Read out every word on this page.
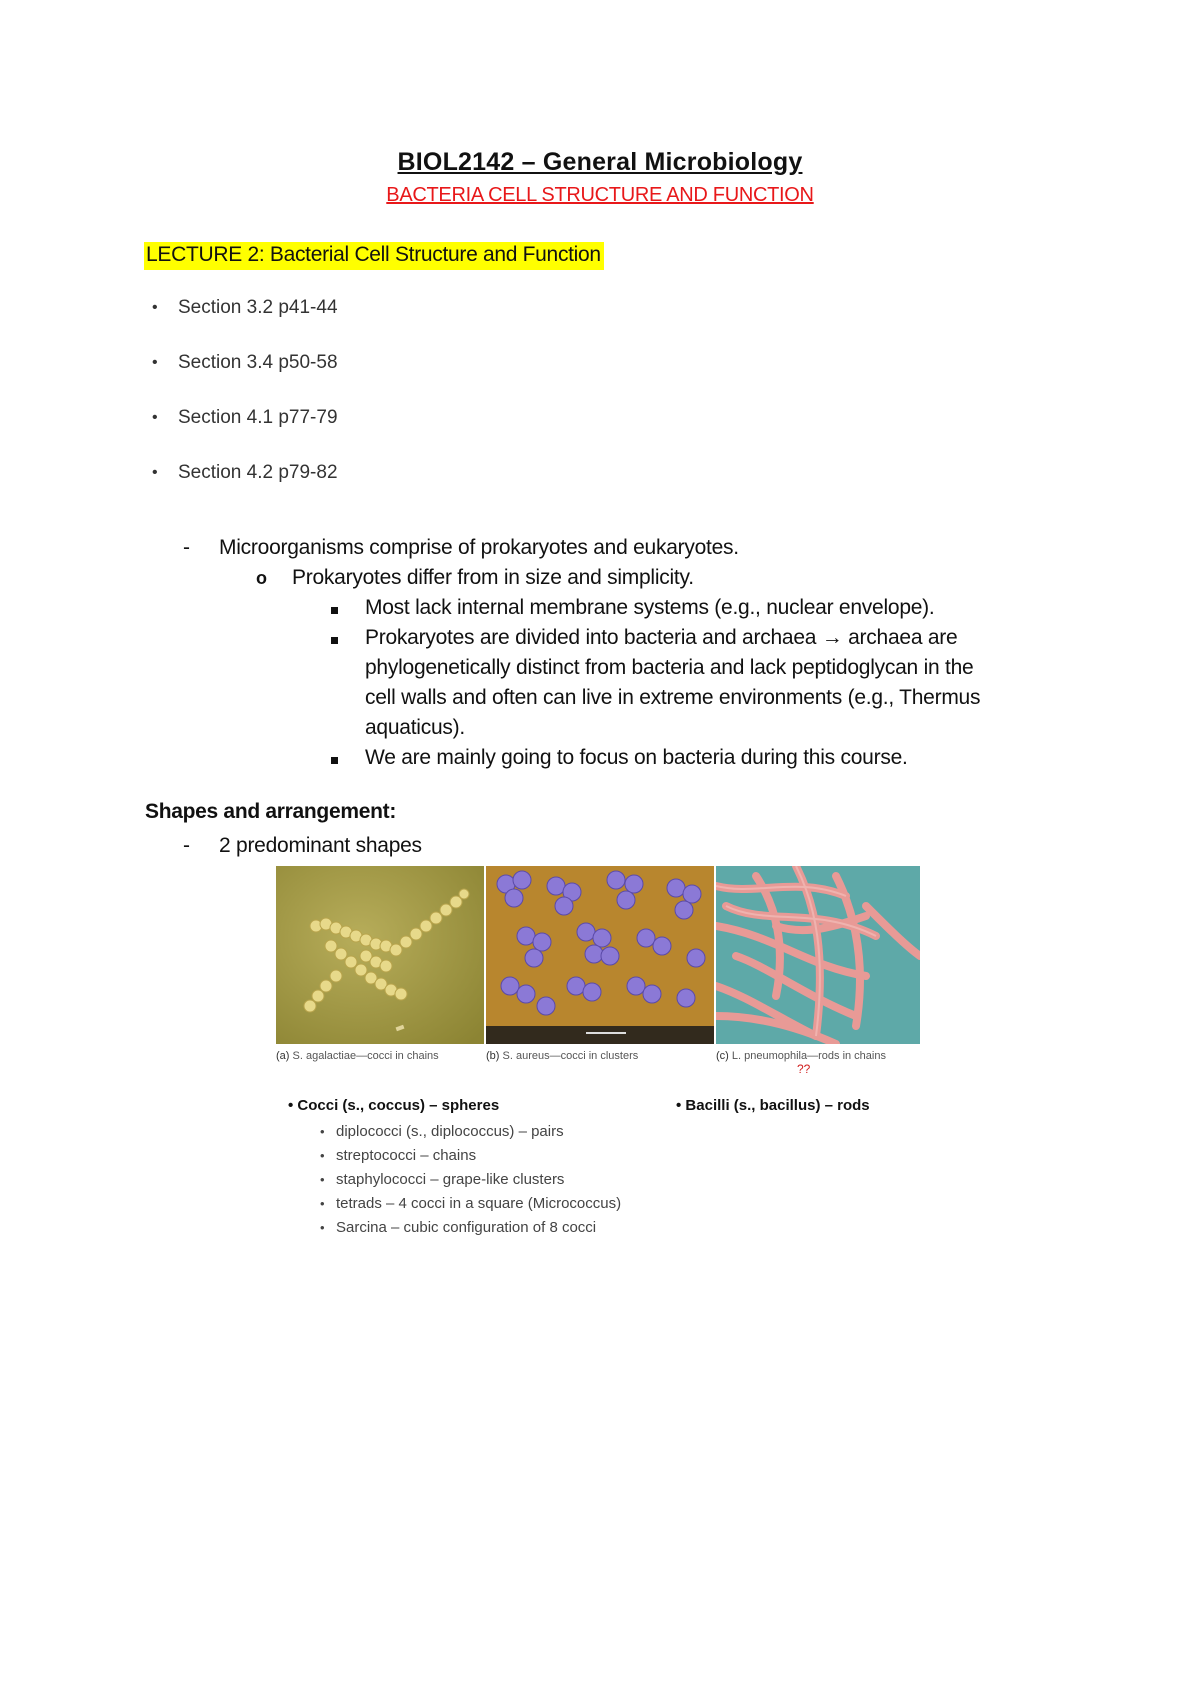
BIOL2142 – General Microbiology
BACTERIA CELL STRUCTURE AND FUNCTION
LECTURE 2: Bacterial Cell Structure and Function
• Section 3.2 p41-44
• Section 3.4 p50-58
• Section 4.1 p77-79
• Section 4.2 p79-82
- Microorganisms comprise of prokaryotes and eukaryotes.
o Prokaryotes differ from in size and simplicity.
Most lack internal membrane systems (e.g., nuclear envelope).
Prokaryotes are divided into bacteria and archaea → archaea are
phylogenetically distinct from bacteria and lack peptidoglycan in the
cell walls and often can live in extreme environments (e.g., Thermus
aquaticus).
We are mainly going to focus on bacteria during this course.
Shapes and arrangement:
- 2 predominant shapes
(a) S. agalactiae—cocci in chains	(b) S. aureus—cocci in clusters	(c) L. pneumophila—rods in chains
??
• Cocci (s., coccus) – spheres	• Bacilli (s., bacillus) – rods
• diplococci (s., diplococcus) – pairs
• streptococci – chains
• staphylococci – grape-like clusters
• tetrads – 4 cocci in a square (Micrococcus)
• Sarcina – cubic configuration of 8 cocci
